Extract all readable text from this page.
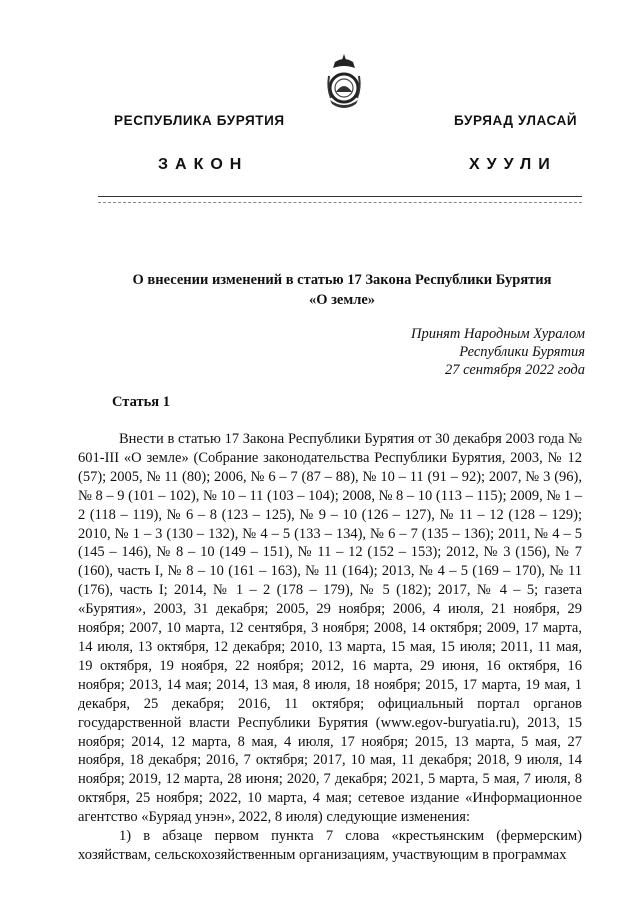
РЕСПУБЛИКА БУРЯТИЯ	БУРЯАД УЛАСАЙ
ЗАКОН	ХУУЛИ
О внесении изменений в статью 17 Закона Республики Бурятия
«О земле»
Принят Народным Хуралом
Республики Бурятия
27 сентября 2022 года
Статья 1

Внести в статью 17 Закона Республики Бурятия от 30 декабря 2003 года № 601-III «О земле» (Собрание законодательства Республики Бурятия, 2003, № 12 (57); 2005, № 11 (80); 2006, № 6 – 7 (87 – 88), № 10 – 11 (91 – 92); 2007, № 3 (96), № 8 – 9 (101 – 102), № 10 – 11 (103 – 104); 2008, № 8 – 10 (113 – 115); 2009, № 1 – 2 (118 – 119), № 6 – 8 (123 – 125), № 9 – 10 (126 – 127), № 11 – 12 (128 – 129); 2010, № 1 – 3 (130 – 132), № 4 – 5 (133 – 134), № 6 – 7 (135 – 136); 2011, № 4 – 5 (145 – 146), № 8 – 10 (149 – 151), № 11 – 12 (152 – 153); 2012, № 3 (156), № 7 (160), часть I, № 8 – 10 (161 – 163), № 11 (164); 2013, № 4 – 5 (169 – 170), № 11 (176), часть I; 2014, № 1 – 2 (178 – 179), № 5 (182); 2017, № 4 – 5; газета «Бурятия», 2003, 31 декабря; 2005, 29 ноября; 2006, 4 июля, 21 ноября, 29 ноября; 2007, 10 марта, 12 сентября, 3 ноября; 2008, 14 октября; 2009, 17 марта, 14 июля, 13 октября, 12 декабря; 2010, 13 марта, 15 мая, 15 июля; 2011, 11 мая, 19 октября, 19 ноября, 22 ноября; 2012, 16 марта, 29 июня, 16 октября, 16 ноября; 2013, 14 мая; 2014, 13 мая, 8 июля, 18 ноября; 2015, 17 марта, 19 мая, 1 декабря, 25 декабря; 2016, 11 октября; официальный портал органов государственной власти Республики Бурятия (www.egov-buryatia.ru), 2013, 15 ноября; 2014, 12 марта, 8 мая, 4 июля, 17 ноября; 2015, 13 марта, 5 мая, 27 ноября, 18 декабря; 2016, 7 октября; 2017, 10 мая, 11 декабря; 2018, 9 июля, 14 ноября; 2019, 12 марта, 28 июня; 2020, 7 декабря; 2021, 5 марта, 5 мая, 7 июля, 8 октября, 25 ноября; 2022, 10 марта, 4 мая; сетевое издание «Информационное агентство «Буряад унэн», 2022, 8 июля) следующие изменения:

1) в абзаце первом пункта 7 слова «крестьянским (фермерским) хозяйствам, сельскохозяйственным организациям, участвующим в программах
